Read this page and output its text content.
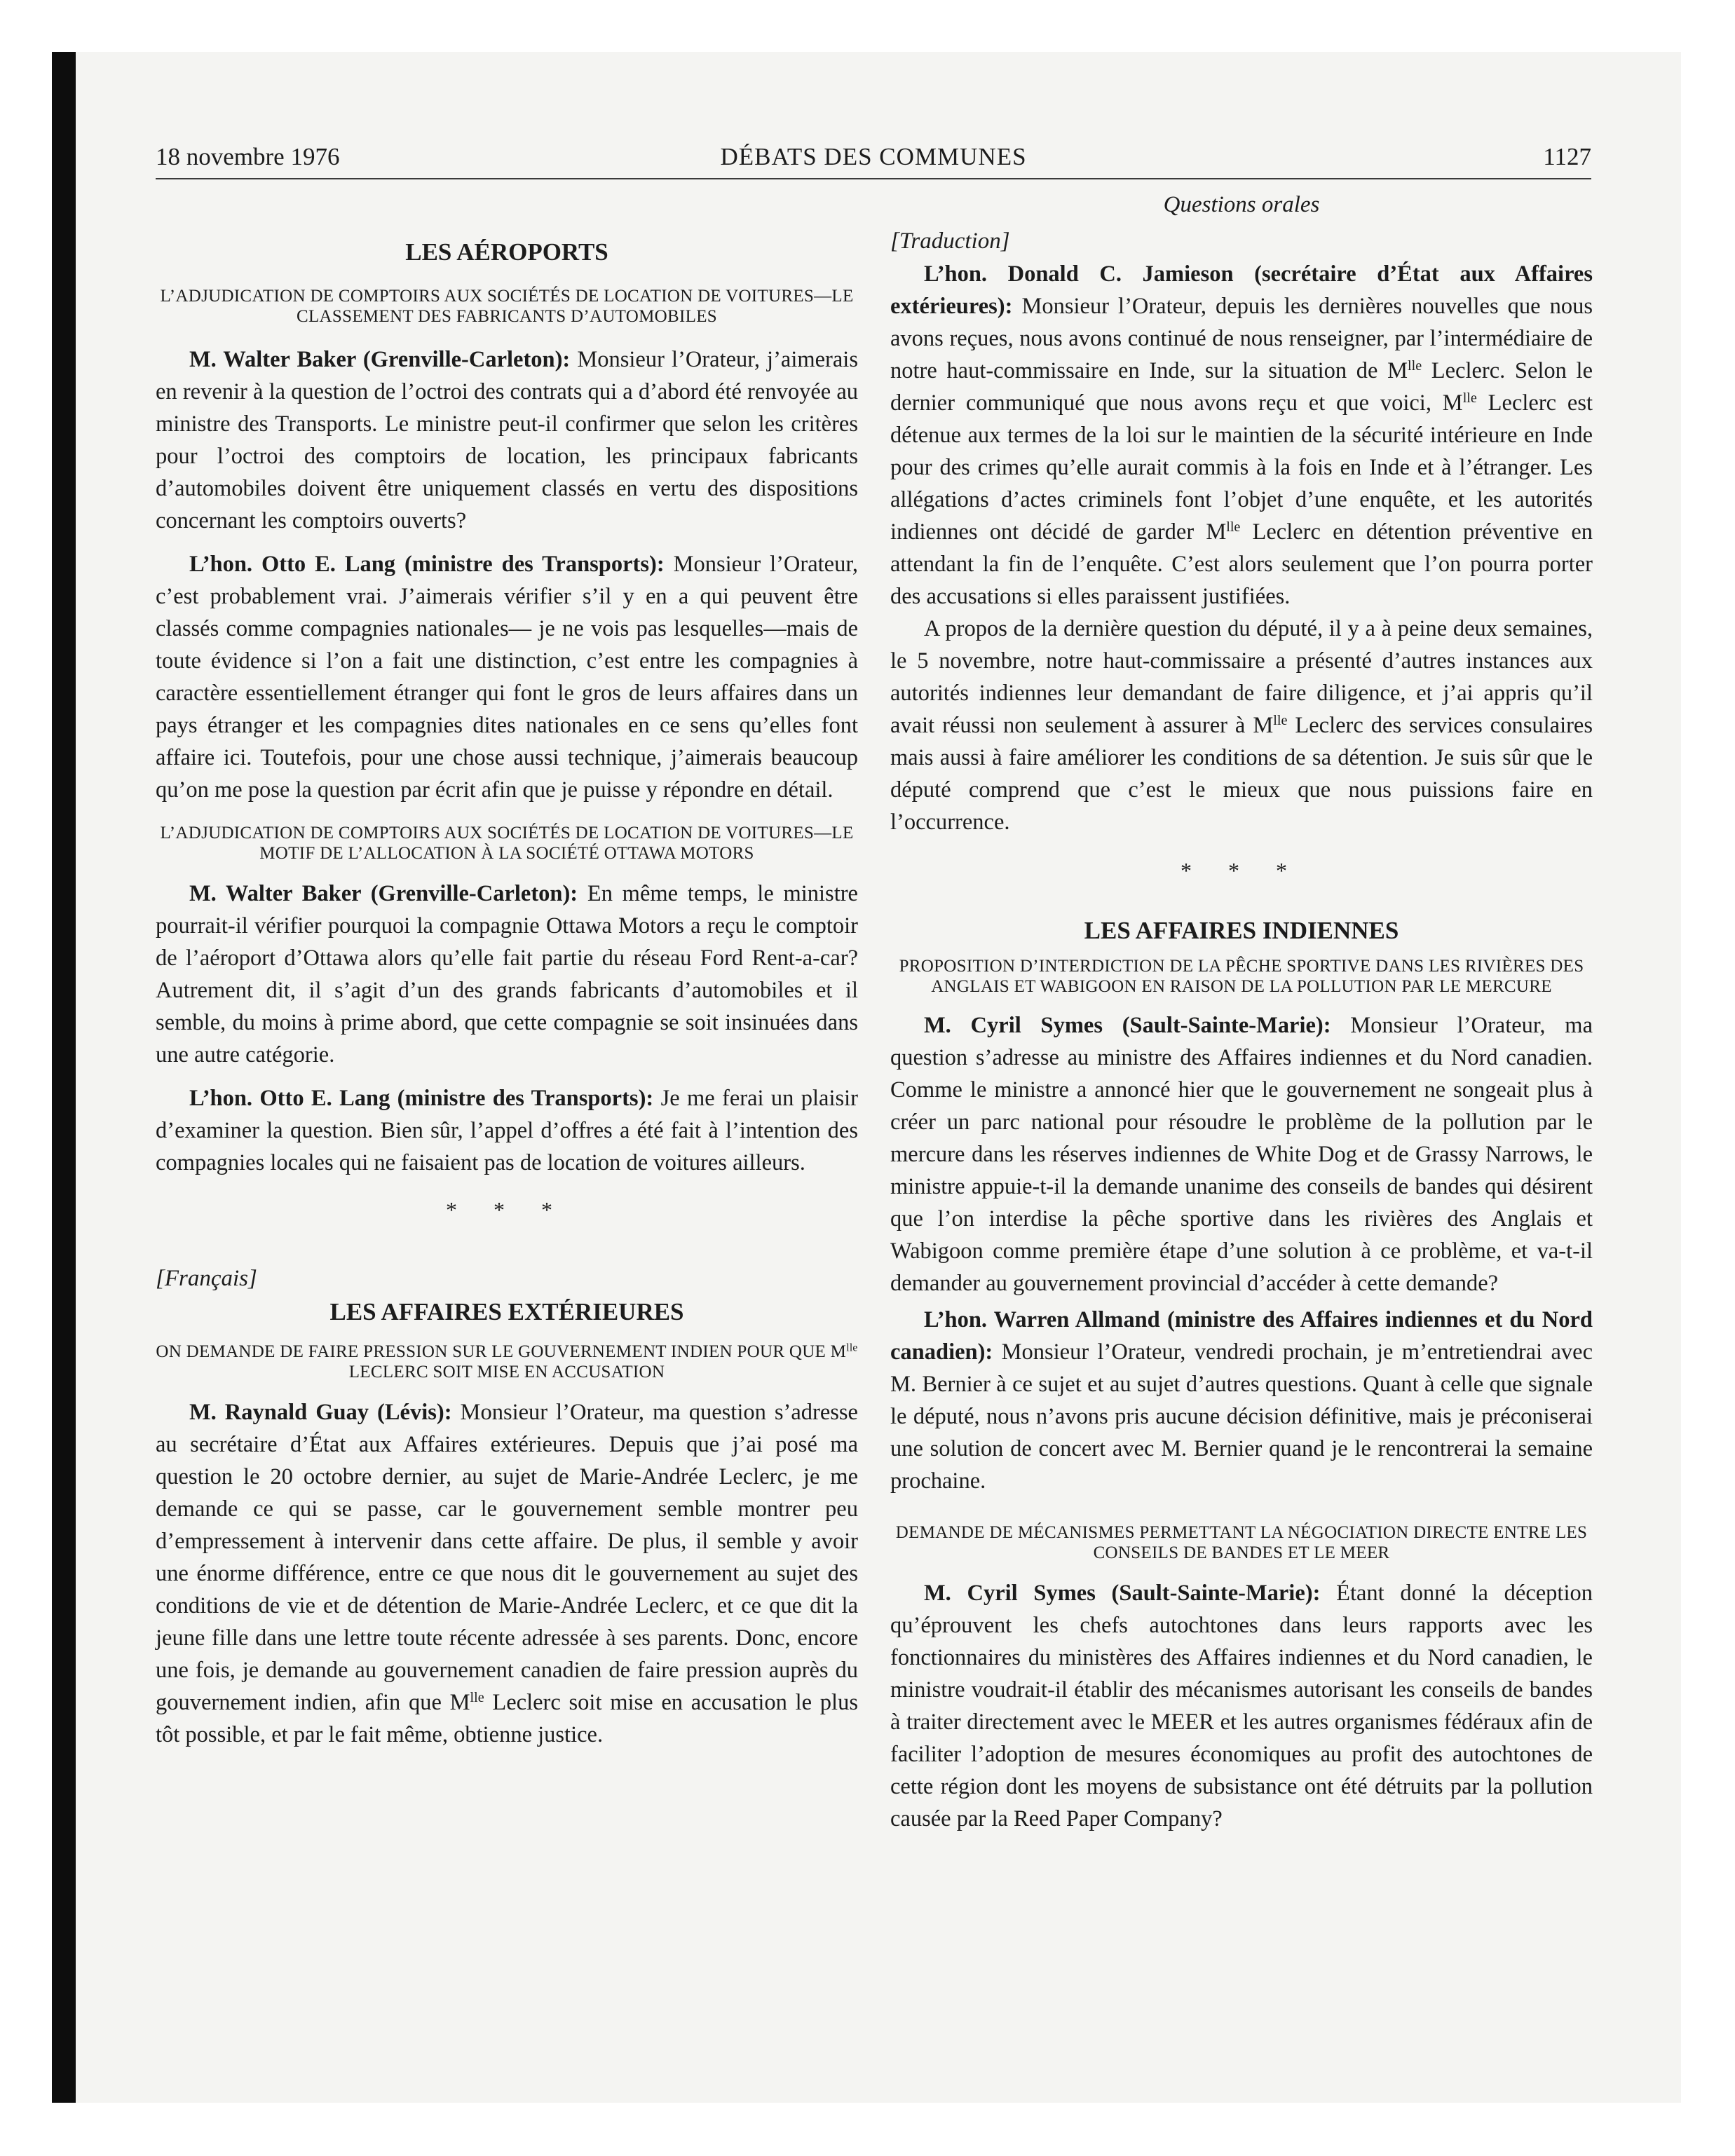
18 novembre 1976	DÉBATS DES COMMUNES	1127
LES AÉROPORTS
L’ADJUDICATION DE COMPTOIRS AUX SOCIÉTÉS DE LOCATION DE VOITURES—LE CLASSEMENT DES FABRICANTS D’AUTOMOBILES

M. Walter Baker (Grenville-Carleton): Monsieur l’Orateur, j’aimerais en revenir à la question de l’octroi des contrats qui a d’abord été renvoyée au ministre des Transports. Le ministre peut-il confirmer que selon les critères pour l’octroi des comptoirs de location, les principaux fabricants d’automobiles doivent être uniquement classés en vertu des dispositions concernant les comptoirs ouverts?

L’hon. Otto E. Lang (ministre des Transports): Monsieur l’Orateur, c’est probablement vrai. J’aimerais vérifier s’il y en a qui peuvent être classés comme compagnies nationales— je ne vois pas lesquelles—mais de toute évidence si l’on a fait une distinction, c’est entre les compagnies à caractère essentiellement étranger qui font le gros de leurs affaires dans un pays étranger et les compagnies dites nationales en ce sens qu’elles font affaire ici. Toutefois, pour une chose aussi technique, j’aimerais beaucoup qu’on me pose la question par écrit afin que je puisse y répondre en détail.

L’ADJUDICATION DE COMPTOIRS AUX SOCIÉTÉS DE LOCATION DE VOITURES—LE MOTIF DE L’ALLOCATION À LA SOCIÉTÉ OTTAWA MOTORS

M. Walter Baker (Grenville-Carleton): En même temps, le ministre pourrait-il vérifier pourquoi la compagnie Ottawa Motors a reçu le comptoir de l’aéroport d’Ottawa alors qu’elle fait partie du réseau Ford Rent-a-car? Autrement dit, il s’agit d’un des grands fabricants d’automobiles et il semble, du moins à prime abord, que cette compagnie se soit insinuées dans une autre catégorie.

L’hon. Otto E. Lang (ministre des Transports): Je me ferai un plaisir d’examiner la question. Bien sûr, l’appel d’offres a été fait à l’intention des compagnies locales qui ne faisaient pas de location de voitures ailleurs.

* * *
[Français]
LES AFFAIRES EXTÉRIEURES
ON DEMANDE DE FAIRE PRESSION SUR LE GOUVERNEMENT INDIEN POUR QUE $M^{lle}$ LECLERC SOIT MISE EN ACCUSATION

M. Raynald Guay (Lévis): Monsieur l’Orateur, ma question s’adresse au secrétaire d’État aux Affaires extérieures. Depuis que j’ai posé ma question le 20 octobre dernier, au sujet de Marie-Andrée Leclerc, je me demande ce qui se passe, car le gouvernement semble montrer peu d’empressement à intervenir dans cette affaire. De plus, il semble y avoir une énorme différence, entre ce que nous dit le gouvernement au sujet des conditions de vie et de détention de Marie-Andrée Leclerc, et ce que dit la jeune fille dans une lettre toute récente adressée à ses parents. Donc, encore une fois, je demande au gouvernement canadien de faire pression auprès du gouvernement indien, afin que $M^{lle}$ Leclerc soit mise en accusation le plus tôt possible, et par le fait même, obtienne justice.

Questions orales
[Traduction]

L’hon. Donald C. Jamieson (secrétaire d’État aux Affaires extérieures): Monsieur l’Orateur, depuis les dernières nouvelles que nous avons reçues, nous avons continué de nous renseigner, par l’intermédiaire de notre haut-commissaire en Inde, sur la situation de $M^{lle}$ Leclerc. Selon le dernier communiqué que nous avons reçu et que voici, $M^{lle}$ Leclerc est détenue aux termes de la loi sur le maintien de la sécurité intérieure en Inde pour des crimes qu’elle aurait commis à la fois en Inde et à l’étranger. Les allégations d’actes criminels font l’objet d’une enquête, et les autorités indiennes ont décidé de garder $M^{lle}$ Leclerc en détention préventive en attendant la fin de l’enquête. C’est alors seulement que l’on pourra porter des accusations si elles paraissent justifiées.

A propos de la dernière question du député, il y a à peine deux semaines, le 5 novembre, notre haut-commissaire a présenté d’autres instances aux autorités indiennes leur demandant de faire diligence, et j’ai appris qu’il avait réussi non seulement à assurer à $M^{lle}$ Leclerc des services consulaires mais aussi à faire améliorer les conditions de sa détention. Je suis sûr que le député comprend que c’est le mieux que nous puissions faire en l’occurrence.

* * *
LES AFFAIRES INDIENNES
PROPOSITION D’INTERDICTION DE LA PÊCHE SPORTIVE DANS LES RIVIÈRES DES ANGLAIS ET WABIGOON EN RAISON DE LA POLLUTION PAR LE MERCURE

M. Cyril Symes (Sault-Sainte-Marie): Monsieur l’Orateur, ma question s’adresse au ministre des Affaires indiennes et du Nord canadien. Comme le ministre a annoncé hier que le gouvernement ne songeait plus à créer un parc national pour résoudre le problème de la pollution par le mercure dans les réserves indiennes de White Dog et de Grassy Narrows, le ministre appuie-t-il la demande unanime des conseils de bandes qui désirent que l’on interdise la pêche sportive dans les rivières des Anglais et Wabigoon comme première étape d’une solution à ce problème, et va-t-il demander au gouvernement provincial d’accéder à cette demande?

L’hon. Warren Allmand (ministre des Affaires indiennes et du Nord canadien): Monsieur l’Orateur, vendredi prochain, je m’entretiendrai avec M. Bernier à ce sujet et au sujet d’autres questions. Quant à celle que signale le député, nous n’avons pris aucune décision définitive, mais je préconiserai une solution de concert avec M. Bernier quand je le rencontrerai la semaine prochaine.

DEMANDE DE MÉCANISMES PERMETTANT LA NÉGOCIATION DIRECTE ENTRE LES CONSEILS DE BANDES ET LE MEER

M. Cyril Symes (Sault-Sainte-Marie): Étant donné la déception qu’éprouvent les chefs autochtones dans leurs rapports avec les fonctionnaires du ministères des Affaires indiennes et du Nord canadien, le ministre voudrait-il établir des mécanismes autorisant les conseils de bandes à traiter directement avec le MEER et les autres organismes fédéraux afin de faciliter l’adoption de mesures économiques au profit des autochtones de cette région dont les moyens de subsistance ont été détruits par la pollution causée par la Reed Paper Company?
